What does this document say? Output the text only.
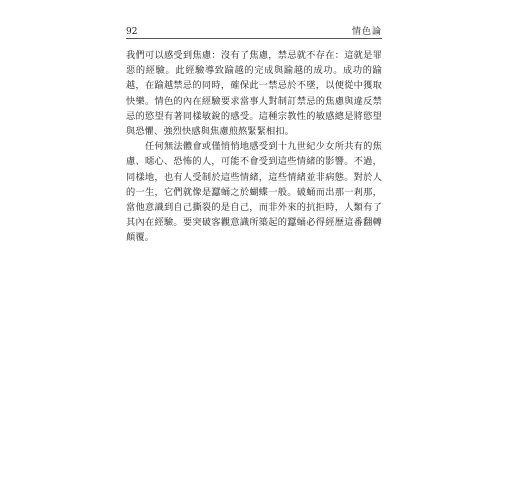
92	情色論

我們可以感受到焦慮：沒有了焦慮，禁忌就不存在：這就是罪惡的經驗。此經驗導致踰越的完成與踰越的成功。成功的踰越，在踰越禁忌的同時，確保此一禁忌於不墜，以便從中獲取快樂。情色的內在經驗要求當事人對制訂禁忌的焦慮與違反禁忌的慾望有著同樣敏銳的感受。這種宗教性的敏感總是將慾望與恐懼、強烈快感與焦慮煎熬緊緊相扣。

任何無法體會或僅悄悄地感受到十九世紀少女所共有的焦慮、噁心、恐怖的人，可能不會受到這些情緒的影響。不過，同樣地，也有人受制於這些情緒，這些情緒並非病態。對於人的一生，它們就像是蠶蛹之於蝴蝶一般。破蛹而出那一剎那，當他意識到自己撕裂的是自己，而非外來的抗拒時，人類有了其內在經驗。要突破客觀意識所築起的蠶蛹必得經歷這番翻轉顛覆。
